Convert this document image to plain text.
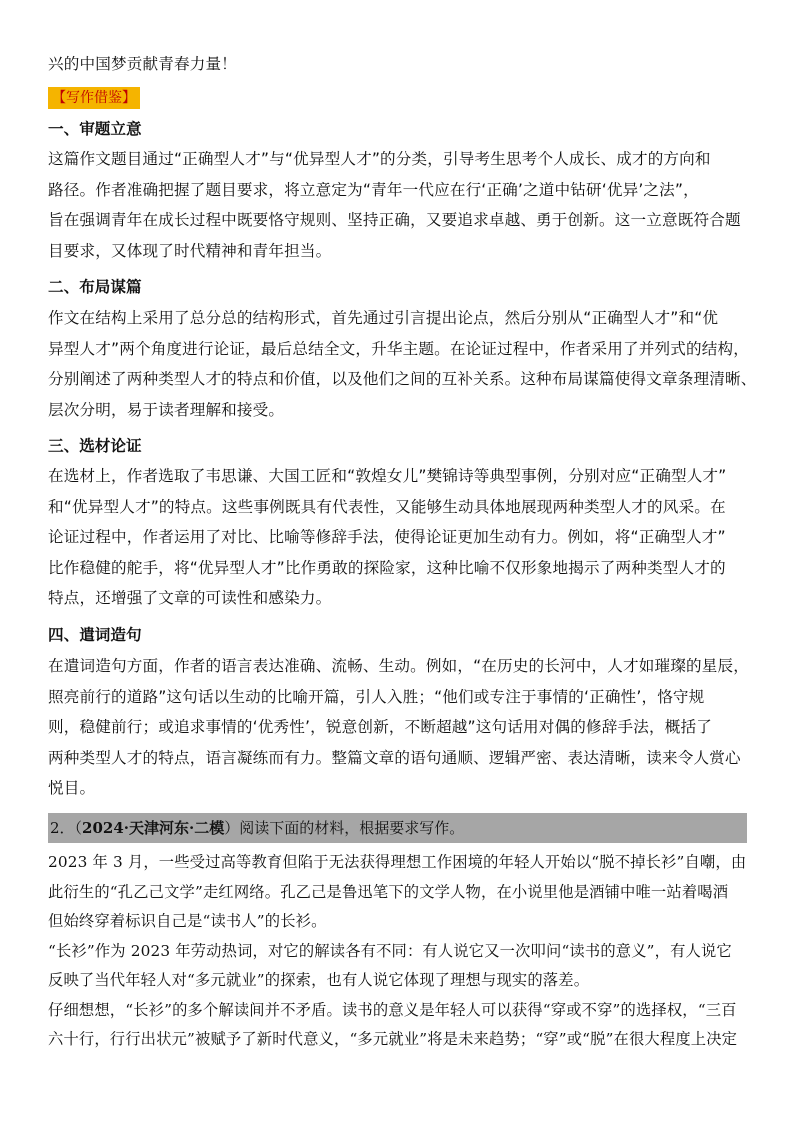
兴的中国梦贡献青春力量！

【写作借鉴】

一、审题立意

这篇作文题目通过“正确型人才”与“优异型人才”的分类，引导考生思考个人成长、成才的方向和
路径。作者准确把握了题目要求，将立意定为“青年一代应在行‘正确’之道中钻研‘优异’之法”，
旨在强调青年在成长过程中既要恪守规则、坚持正确，又要追求卓越、勇于创新。这一立意既符合题
目要求，又体现了时代精神和青年担当。

二、布局谋篇

作文在结构上采用了总分总的结构形式，首先通过引言提出论点，然后分别从“正确型人才”和“优
异型人才”两个角度进行论证，最后总结全文，升华主题。在论证过程中，作者采用了并列式的结构，
分别阐述了两种类型人才的特点和价值，以及他们之间的互补关系。这种布局谋篇使得文章条理清晰、
层次分明，易于读者理解和接受。

三、选材论证

在选材上，作者选取了韦思谦、大国工匠和“敦煌女儿”樊锦诗等典型事例，分别对应“正确型人才”
和“优异型人才”的特点。这些事例既具有代表性，又能够生动具体地展现两种类型人才的风采。在
论证过程中，作者运用了对比、比喻等修辞手法，使得论证更加生动有力。例如，将“正确型人才”
比作稳健的舵手，将“优异型人才”比作勇敢的探险家，这种比喻不仅形象地揭示了两种类型人才的
特点，还增强了文章的可读性和感染力。

四、遣词造句

在遣词造句方面，作者的语言表达准确、流畅、生动。例如，“在历史的长河中，人才如璀璨的星辰，
照亮前行的道路”这句话以生动的比喻开篇，引人入胜；“他们或专注于事情的‘正确性’，恪守规
则，稳健前行；或追求事情的‘优秀性’，锐意创新，不断超越”这句话用对偶的修辞手法，概括了
两种类型人才的特点，语言凝练而有力。整篇文章的语句通顺、逻辑严密、表达清晰，读来令人赏心
悦目。

2．（2024·天津河东·二模）阅读下面的材料，根据要求写作。

2023 年 3 月，一些受过高等教育但陷于无法获得理想工作困境的年轻人开始以“脱不掉长衫”自嘲，由
此衍生的“孔乙己文学”走红网络。孔乙己是鲁迅笔下的文学人物，在小说里他是酒铺中唯一站着喝酒
但始终穿着标识自己是“读书人”的长衫。
“长衫”作为 2023 年劳动热词，对它的解读各有不同：有人说它又一次叩问“读书的意义”，有人说它
反映了当代年轻人对“多元就业”的探索，也有人说它体现了理想与现实的落差。
仔细想想，“长衫”的多个解读间并不矛盾。读书的意义是年轻人可以获得“穿或不穿”的选择权，“三百
六十行，行行出状元”被赋予了新时代意义，“多元就业”将是未来趋势；“穿”或“脱”在很大程度上决定
